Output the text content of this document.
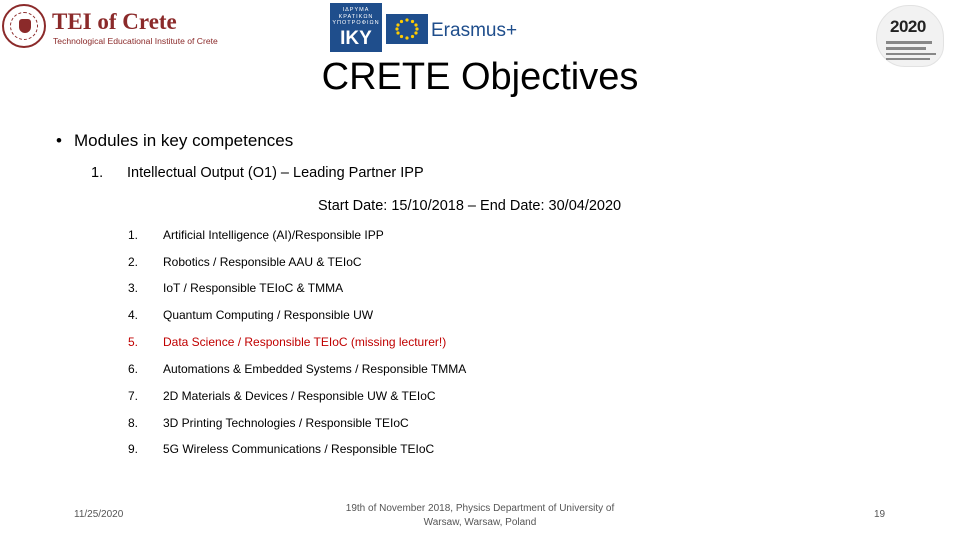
TEI of Crete
Technological Educational Institute of Crete
ΙΔΡΥΜΑ ΚΡΑΤΙΚΩΝ ΥΠΟΤΡΟΦΙΩΝ
IKY	Erasmus+	2020
CRETE Objectives
• Modules in key competences
1. Intellectual Output (O1) – Leading Partner IPP
Start Date: 15/10/2018 – End Date: 30/04/2020
1. Artificial Intelligence (AI)/Responsible IPP
2. Robotics / Responsible AAU & TEIoC
3. IoT / Responsible TEIoC & TMMA
4. Quantum Computing / Responsible UW
5. Data Science / Responsible TEIoC (missing lecturer!)
6. Automations & Embedded Systems / Responsible TMMA
7. 2D Materials & Devices / Responsible UW & TEIoC
8. 3D Printing Technologies / Responsible TEIoC
9. 5G Wireless Communications / Responsible TEIoC
11/25/2020
19th of November 2018, Physics Department of University of
Warsaw, Warsaw, Poland
19
